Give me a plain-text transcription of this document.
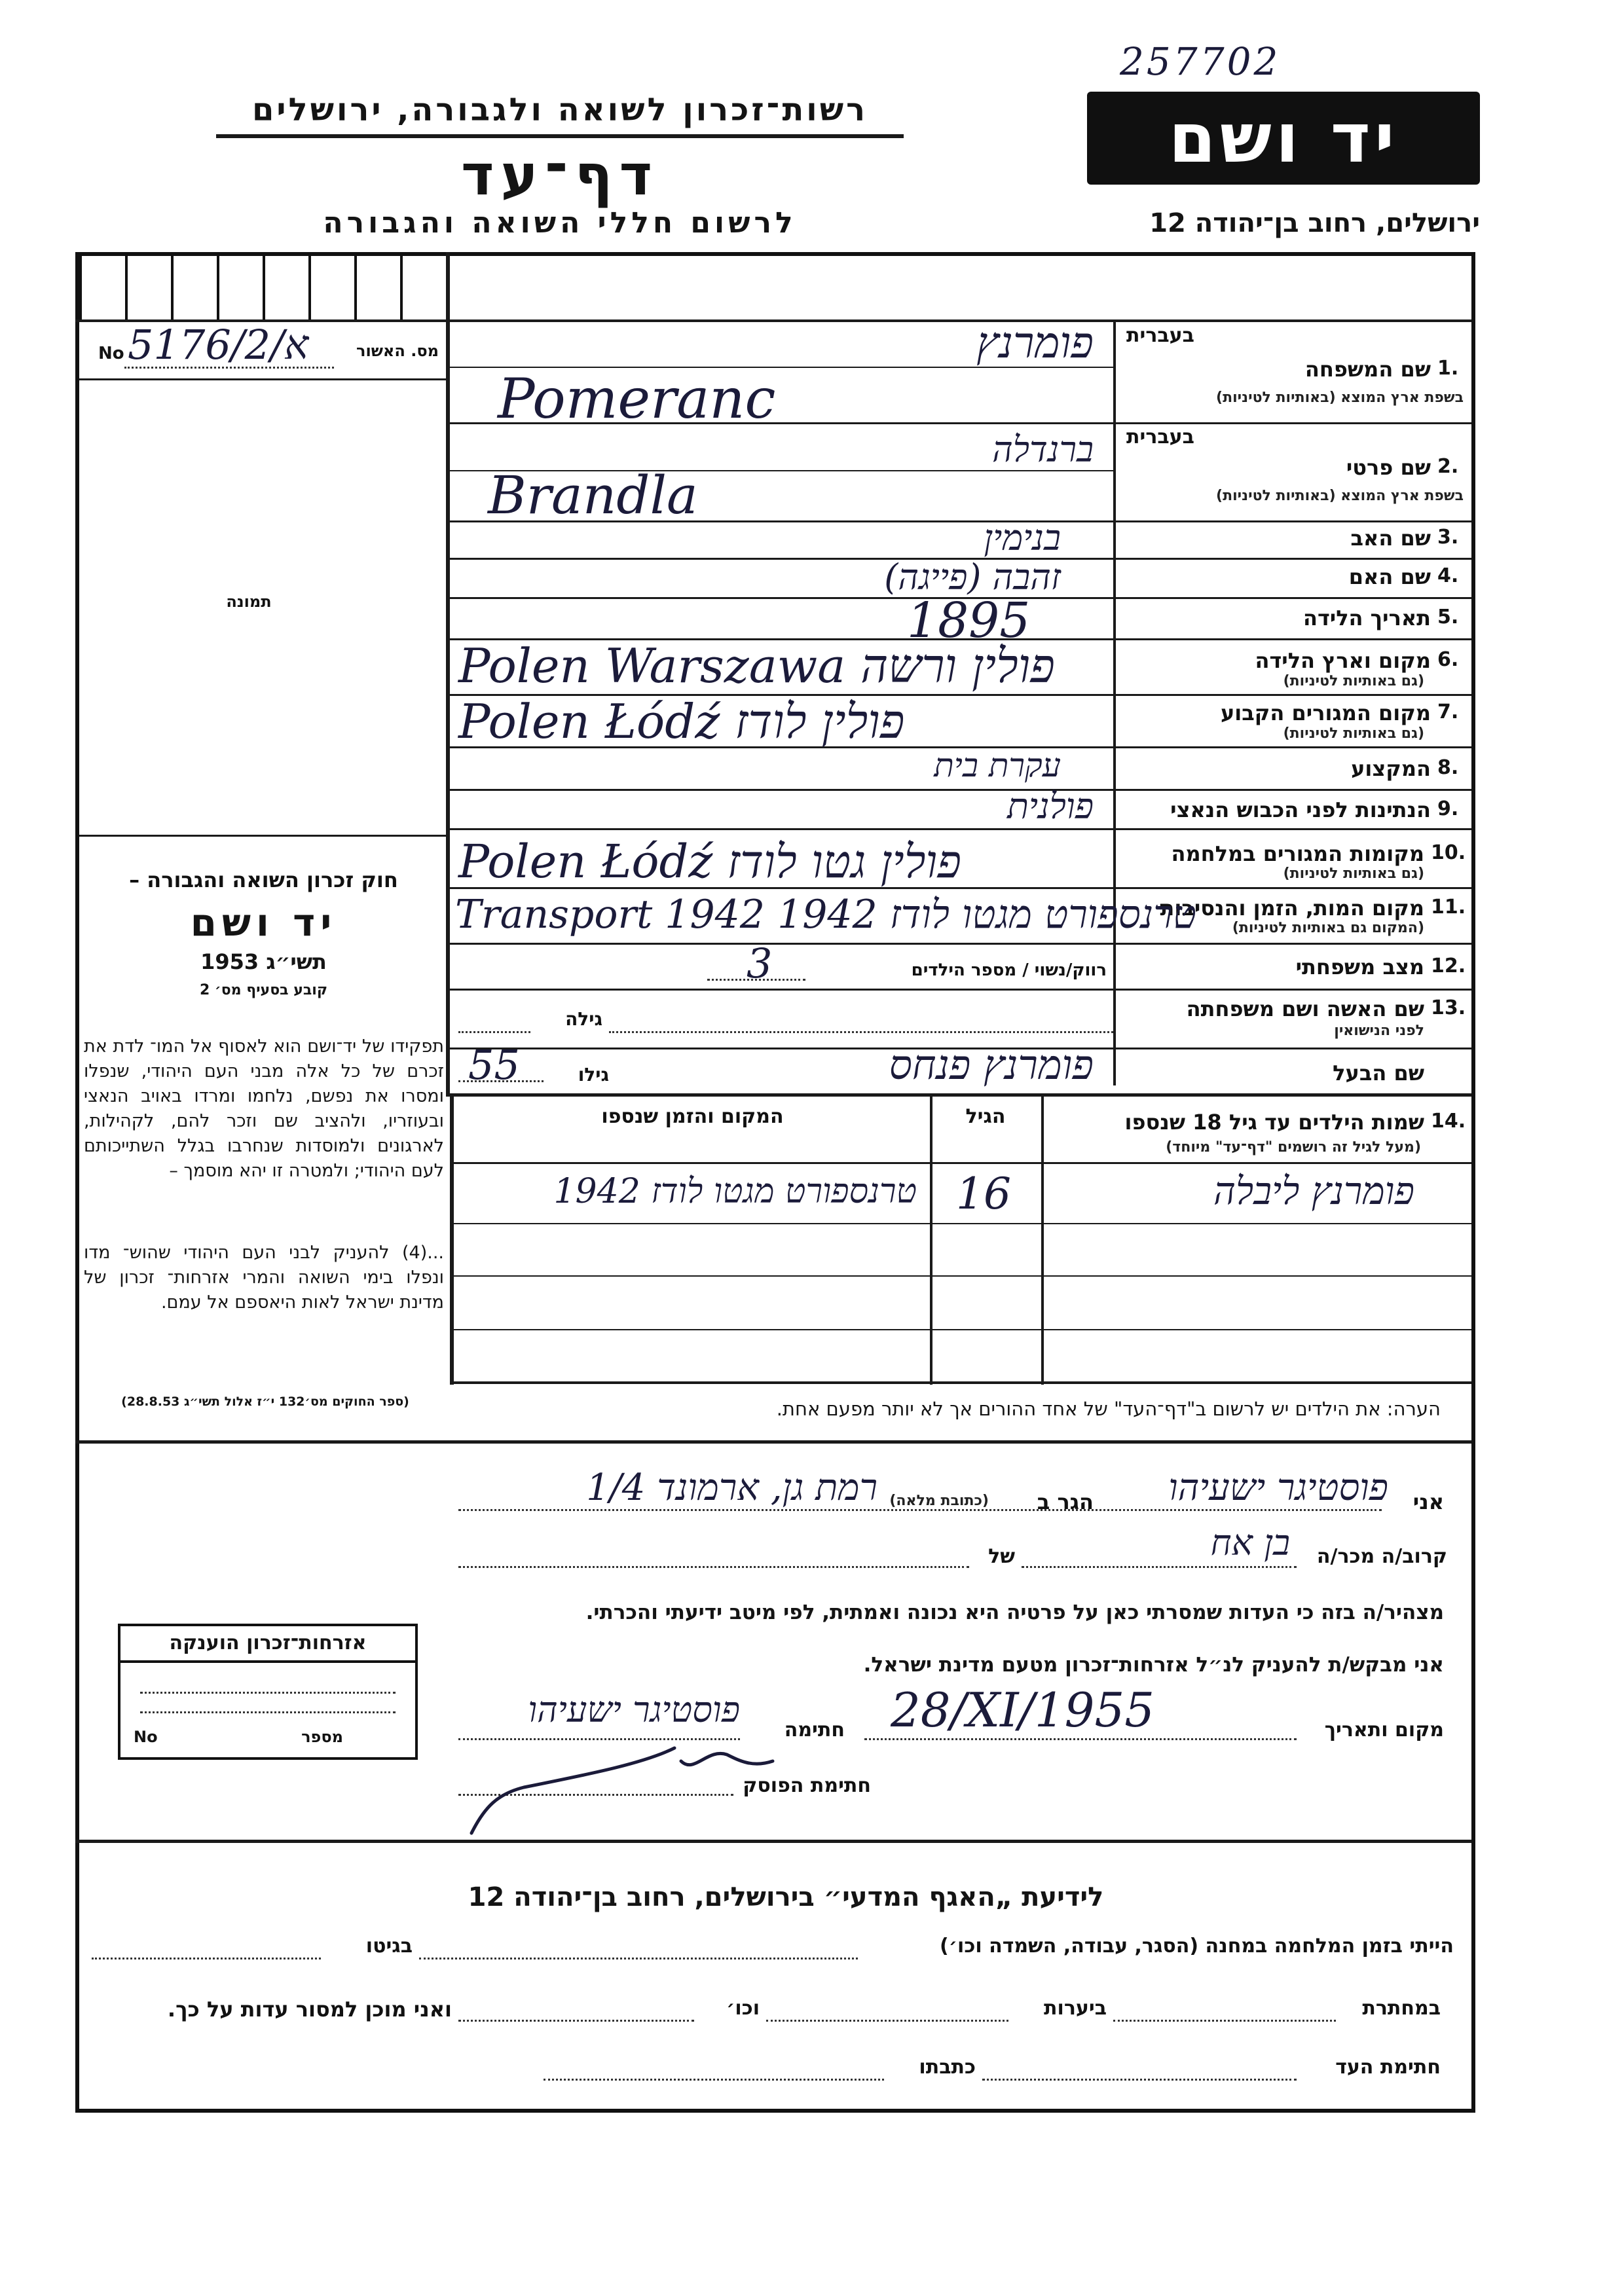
257702
רשות־זכרון לשואה ולגבורה, ירושלים
דף־עד
לרשום חללי השואה והגבורה
יד ושם
ירושלים, רחוב בן־יהודה 12
מס. האשור
No א/5176/2
תמונה
חוק זכרון השואה והגבורה –
יד ושם
תשי״ג 1953
קובע בסעיף מס׳ 2
תפקידו של יד־ושם הוא לאסוף אל המו־ לדת את זכרם של כל אלה מבני העם היהודי, שנפלו ומסרו את נפשם, נלחמו ומרדו באויב הנאצי ובעוזריו, ולהציב שם וזכר להם, לקהילות, לארגונים ולמוסדות שנחרבו בגלל השתייכותם לעם היהודי; ולמטרה זו יהא מוסמך –
...(4) להעניק לבני העם היהודי שהוש־ מדו ונפלו בימי השואה והמרי אזרחות־ זכרון של מדינת ישראל לאות היאספם אל עמם.
(ספר החוקים מס׳132 י״ז אלול תשי״ג 28.8.53)
בעברית
1.
שם המשפחה
בשפת ארץ המוצא (באותיות לטיניות)
פומרנץ
Pomeranc
בעברית
2.
שם פרטי
בשפת ארץ המוצא (באותיות לטיניות)
ברנדלה
Brandla
3.
שם האב
בנימין
4.
שם האם
זהבה (פייגה)
5.
תאריך הלידה
1895
6.
מקום וארץ הלידה
(גם באותיות לטיניות)
Polen Warszawa פולין ורשה
7.
מקום המגורים הקבוע
(גם באותיות לטיניות)
Polen Łódź פולין לודז
8.
המקצוע
עקרת בית
9.
הנתינות לפני הכבוש הנאצי
פולנית
10.
מקומות המגורים במלחמה
(גם באותיות לטיניות)
Polen Łódź פולין גטו לודז
11.
מקום המות, הזמן והנסיבות
(המקום גם באותיות לטיניות)
Transport 1942 טרנספורט מגטו לודז 1942
12.
מצב משפחתי
רווק/נשוי / מספר הילדים
3
13.
שם האשה ושם משפחתה
לפני הנישואין
גילה
שם הבעל
פומרנץ פנחס
גילו
55
14.
שמות הילדים עד גיל 18 שנספו
(מעל לגיל זה רושמים "דף־עד" מיוחד)
הגיל
המקום והזמן שנספו
פומרנץ ליבלה
16
טרנספורט מגטו לודז 1942
הערה: את הילדים יש לרשום ב"דף־העד" של אחד ההורים אך לא יותר מפעם אחת.
אני
פוסטיגר ישעיהו
הגר ב
(כתובת מלאה)
רמת גן, ארמונד 1/4
קרוב/ה מכר/ה
בן אח
של
מצהיר/ה בזה כי העדות שמסרתי כאן על פרטיה היא נכונה ואמתית, לפי מיטב ידיעתי והכרתי.
אני מבקש/ת להעניק לנ״ל אזרחות־זכרון מטעם מדינת ישראל.
מקום ותאריך
28/XI/1955
חתימה
פוסטיגר ישעיהו
חתימת הפוסק
אזרחות־זכרון הוענקה
מספר
No
לידיעת „האגף המדעי״ בירושלים, רחוב בן־יהודה 12
הייתי בזמן המלחמה במחנה (הסגר, עבודה, השמדה וכו׳)
בגיטו
במחתרת
ביערות
וכו׳
ואני מוכן למסור עדות על כך.
חתימת העד
כתבתו
